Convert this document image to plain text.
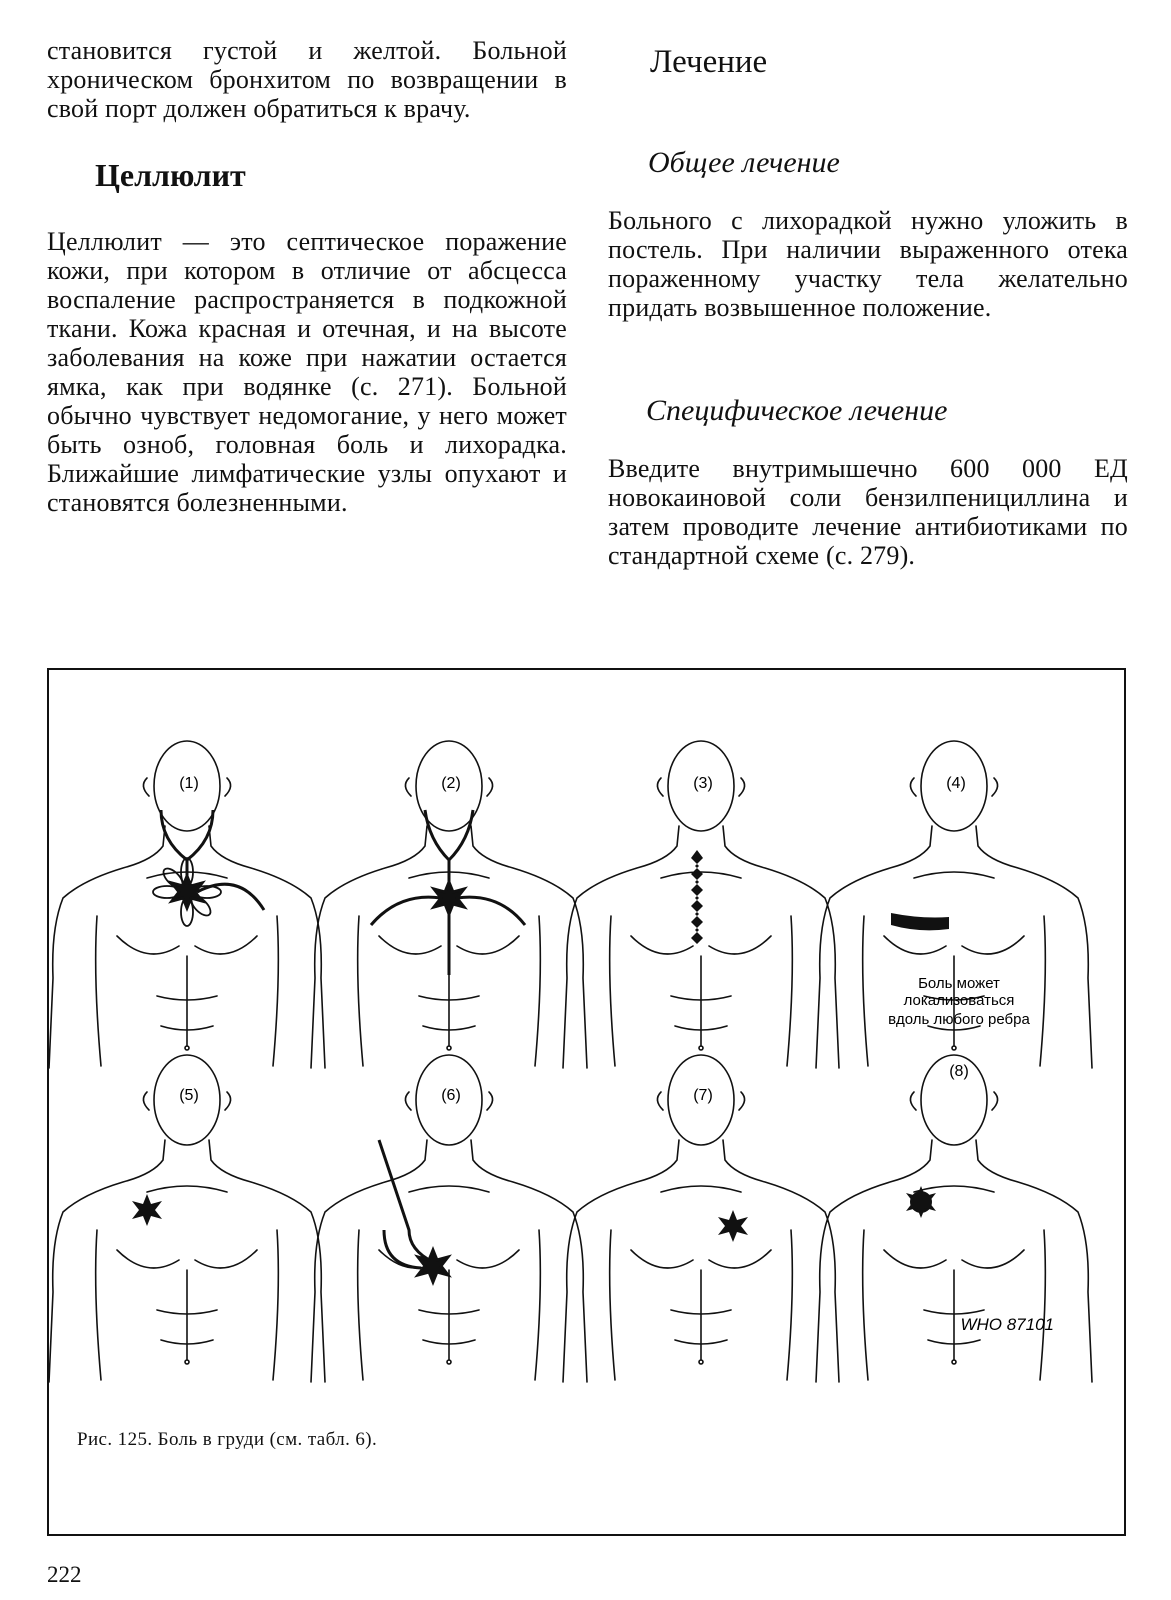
становится густой и желтой. Больной хроническом бронхитом по возвращении в свой порт должен обратиться к врачу.

Целлюлит

Целлюлит — это септическое поражение кожи, при котором в отличие от абсцесса воспаление распространяется в подкожной ткани. Кожа красная и отечная, и на высоте заболевания на коже при нажатии остается ямка, как при водянке (с. 271). Больной обычно чувствует недомогание, у него может быть озноб, головная боль и лихорадка. Ближайшие лимфатические узлы опухают и становятся болезненными.

Лечение
Общее лечение

Больного с лихорадкой нужно уложить в постель. При наличии выраженного отека пораженному участку тела желательно придать возвышенное положение.

Специфическое лечение

Введите внутримышечно 600 000 ЕД новокаиновой соли бензилпенициллина и затем проводите лечение антибиотиками по стандартной схеме (с. 279).

Боль может
локализоваться
вдоль любого ребра
(1)	(2)	(3)	(4)
(5)	(6)	(7)
(8)
WHO 87101
Рис. 125. Боль в груди (см. табл. 6).
222
